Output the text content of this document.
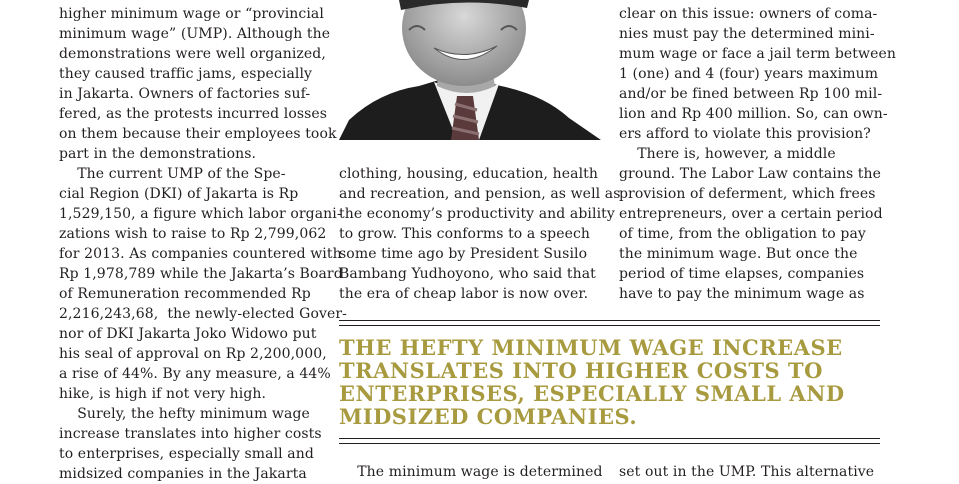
higher minimum wage or “provincial

minimum wage” (UMP). Although the

demonstrations were well organized,

they caused traffic jams, especially

in Jakarta. Owners of factories suf-

fered, as the protests incurred losses

on them because their employees took

part in the demonstrations.

The current UMP of the Spe-

cial Region (DKI) of Jakarta is Rp

1,529,150, a figure which labor organi-

zations wish to raise to Rp 2,799,062

for 2013. As companies countered with

Rp 1,978,789 while the Jakarta’s Board

of Remuneration recommended Rp

2,216,243,68,  the newly-elected Gover-

nor of DKI Jakarta Joko Widowo put

his seal of approval on Rp 2,200,000,

a rise of 44%. By any measure, a 44%

hike, is high if not very high.

Surely, the hefty minimum wage

increase translates into higher costs

to enterprises, especially small and

midsized companies in the Jakarta

clothing, housing, education, health

and recreation, and pension, as well as

the economy’s productivity and ability

to grow. This conforms to a speech

some time ago by President Susilo

Bambang Yudhoyono, who said that

the era of cheap labor is now over.

clear on this issue: owners of coma-

nies must pay the determined mini-

mum wage or face a jail term between

1 (one) and 4 (four) years maximum

and/or be fined between Rp 100 mil-

lion and Rp 400 million. So, can own-

ers afford to violate this provision?

There is, however, a middle

ground. The Labor Law contains the

provision of deferment, which frees

entrepreneurs, over a certain period

of time, from the obligation to pay

the minimum wage. But once the

period of time elapses, companies

have to pay the minimum wage as

THE HEFTY MINIMUM WAGE INCREASE
TRANSLATES INTO HIGHER COSTS TO
ENTERPRISES, ESPECIALLY SMALL AND
MIDSIZED COMPANIES.

The minimum wage is determined set out in the UMP. This alternative
